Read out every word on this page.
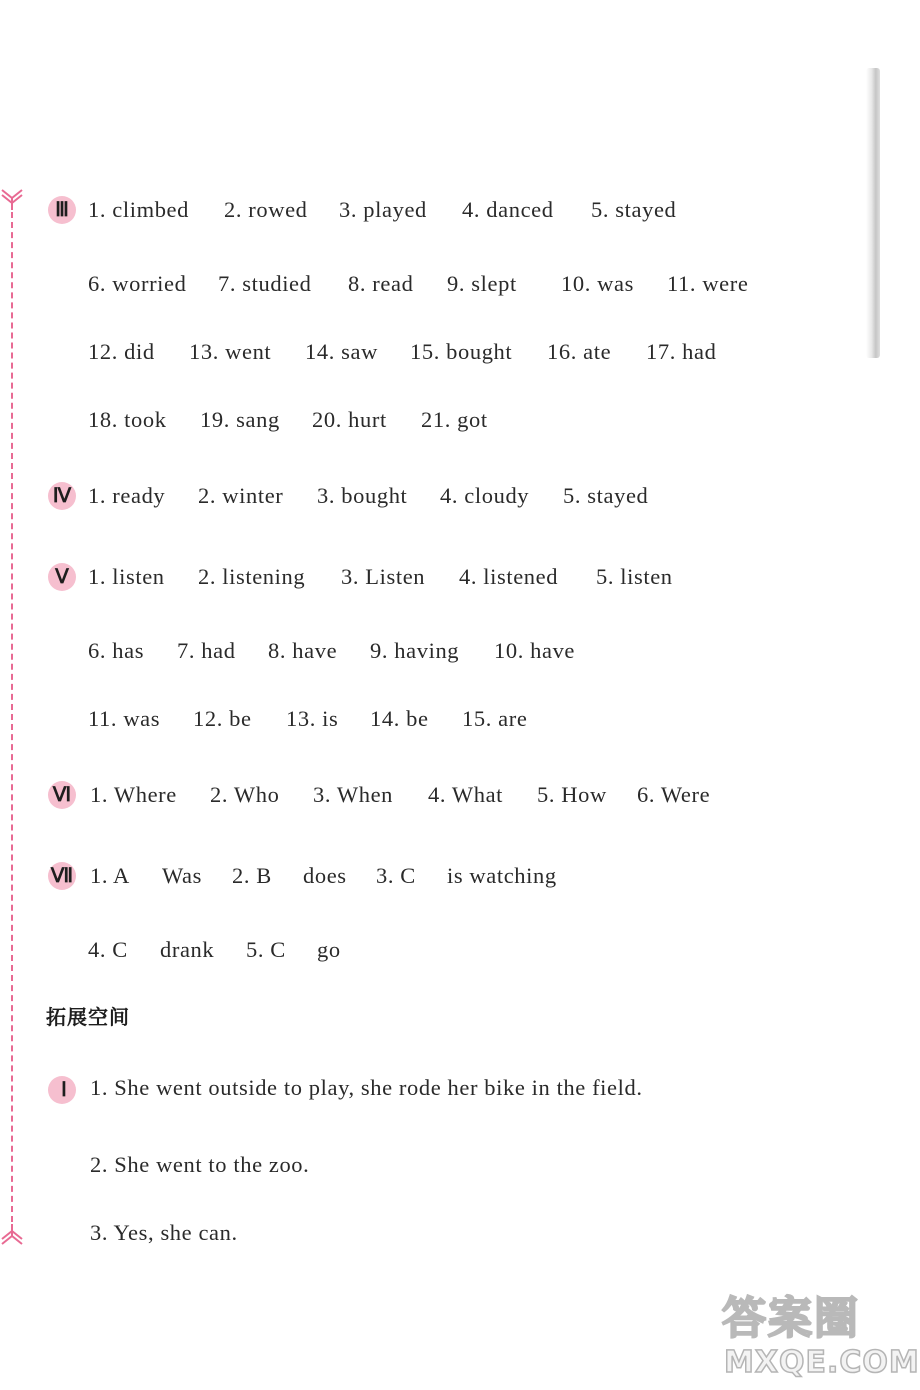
Ⅲ 1. climbed 2. rowed 3. played 4. danced 5. stayed
6. worried 7. studied 8. read 9. slept 10. was 11. were
12. did 13. went 14. saw 15. bought 16. ate 17. had
18. took 19. sang 20. hurt 21. got
Ⅳ 1. ready 2. winter 3. bought 4. cloudy 5. stayed
Ⅴ 1. listen 2. listening 3. Listen 4. listened 5. listen
6. has 7. had 8. have 9. having 10. have
11. was 12. be 13. is 14. be 15. are
Ⅵ 1. Where 2. Who 3. When 4. What 5. How 6. Were
Ⅶ 1. A Was 2. B does 3. C is watching
4. C drank 5. C go
拓展空间
Ⅰ	1. She went outside to play, she rode her bike in the field.
2. She went to the zoo.
3. Yes, she can.
答案圈
MXQE.COM
